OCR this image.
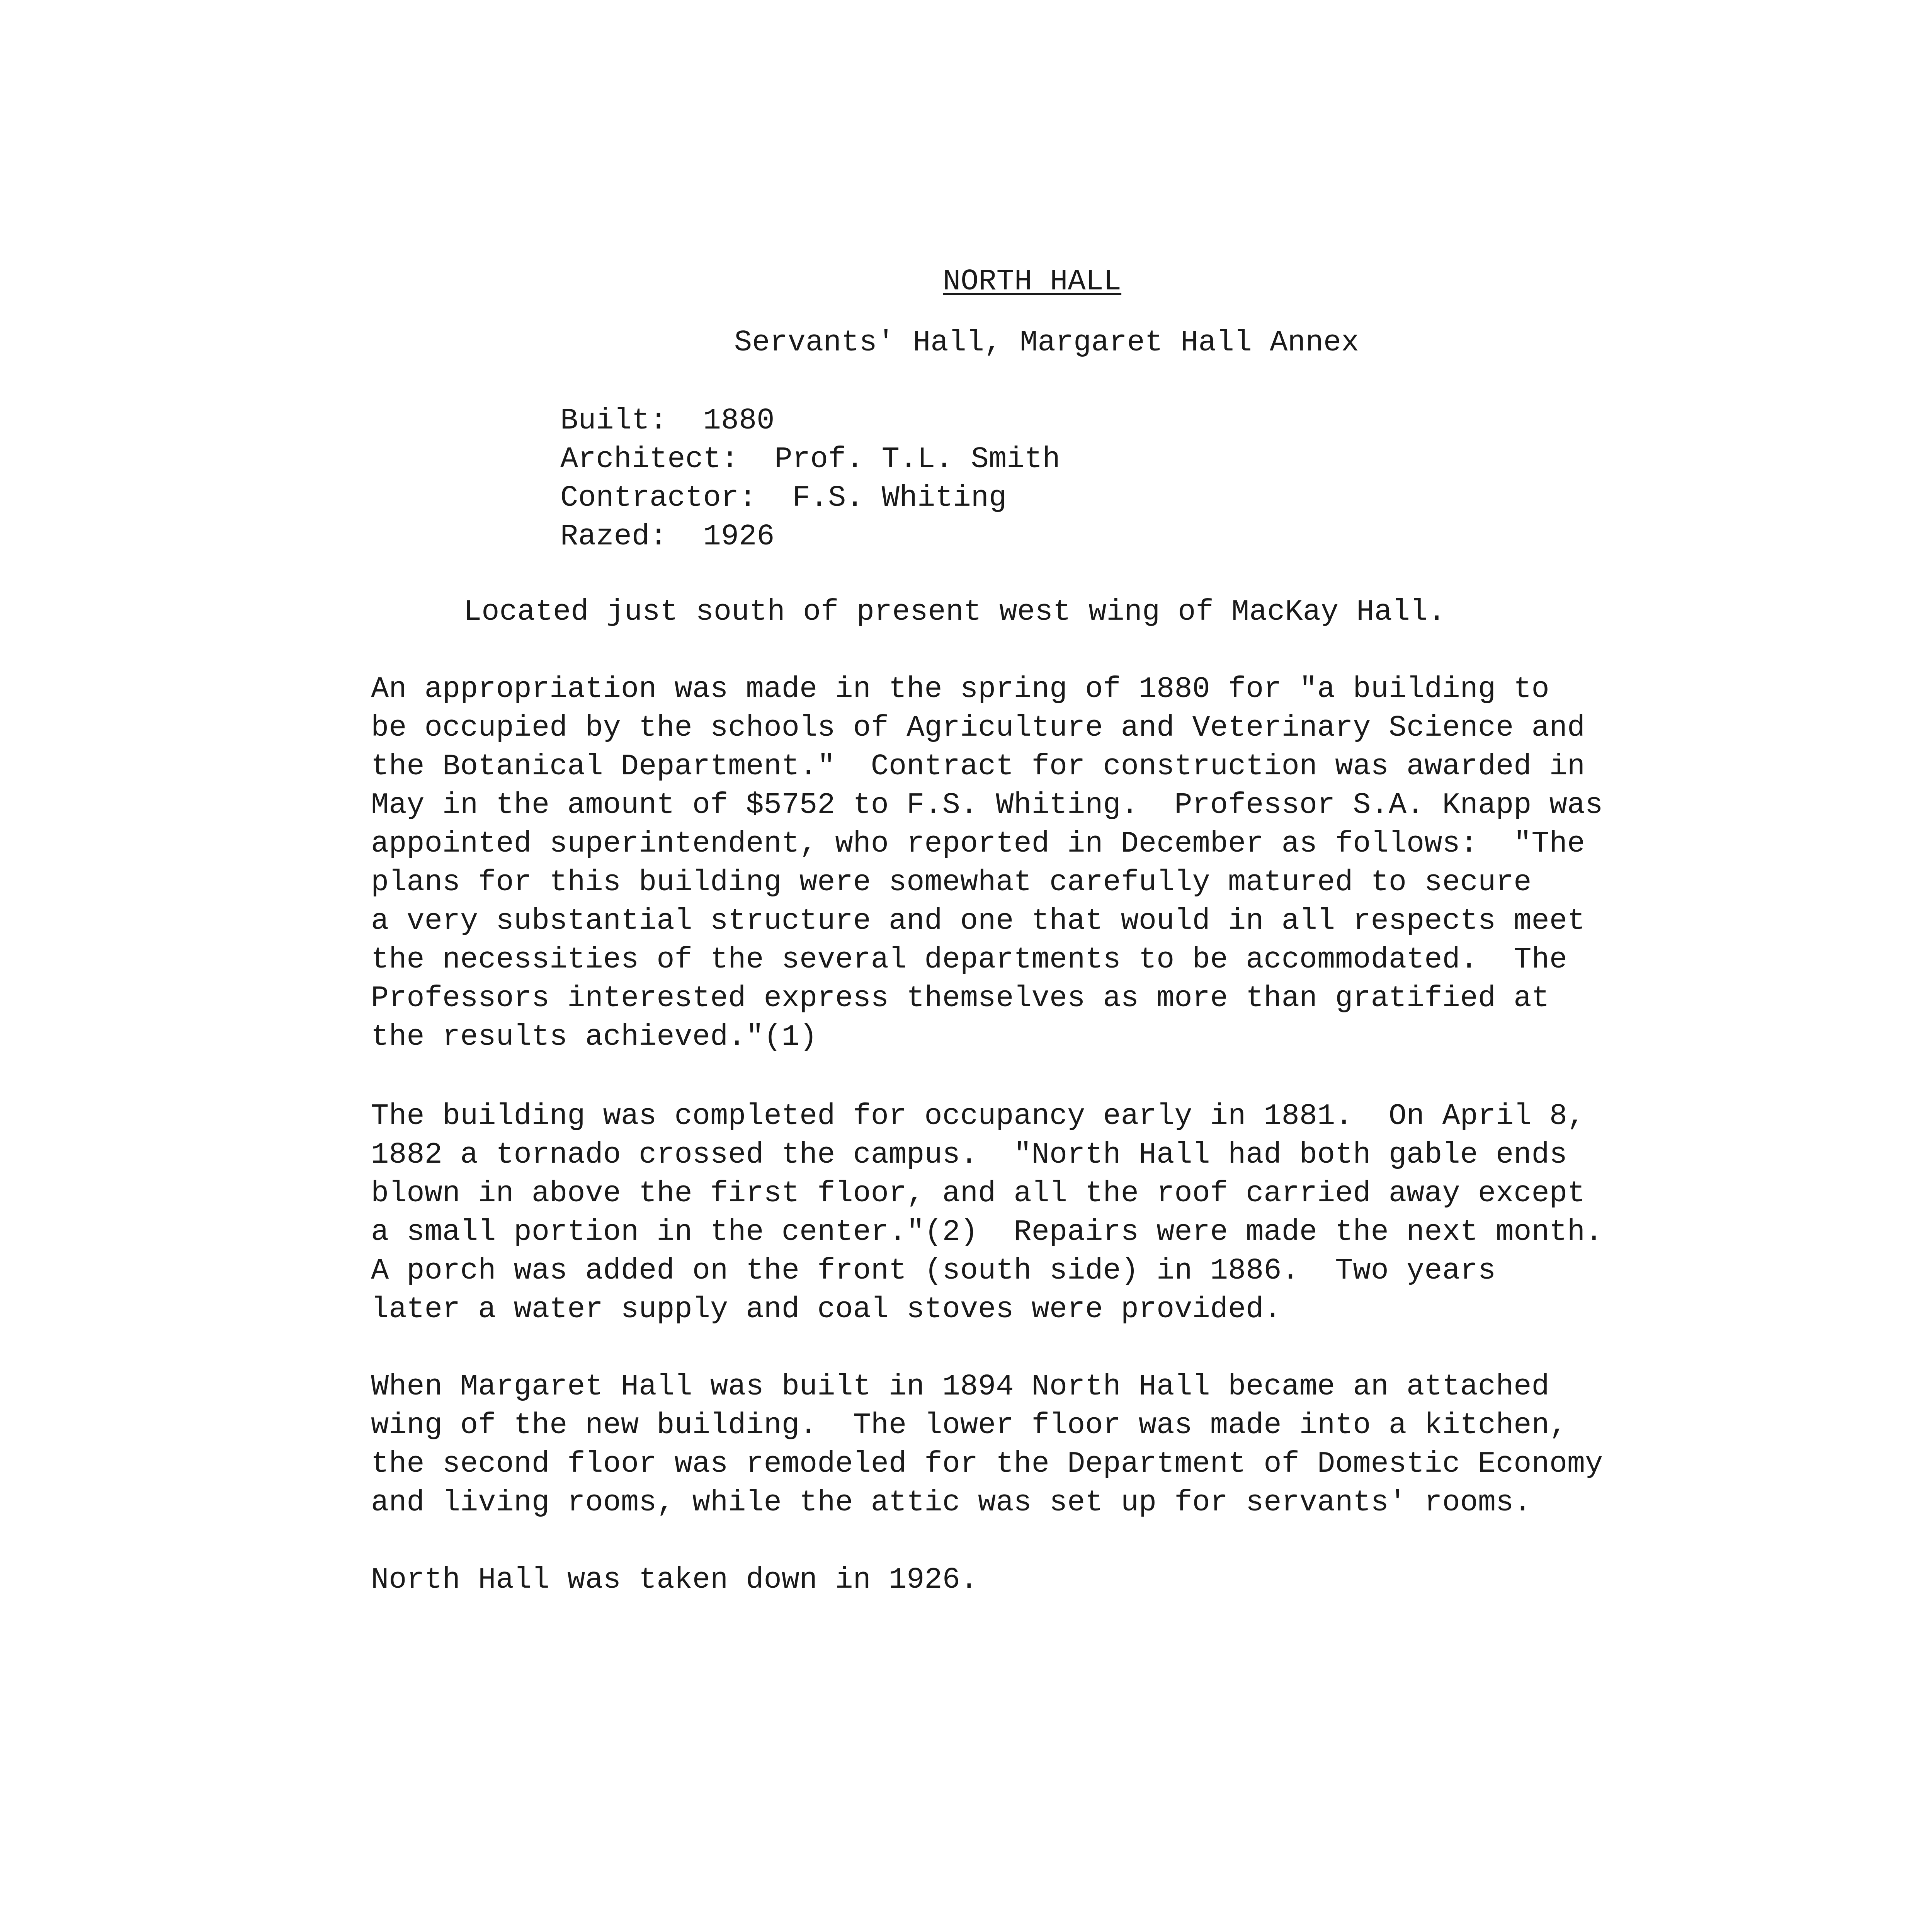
NORTH HALL
Servants' Hall, Margaret Hall Annex
Built:  1880
Architect:  Prof. T.L. Smith
Contractor:  F.S. Whiting
Razed:  1926
Located just south of present west wing of MacKay Hall.
An appropriation was made in the spring of 1880 for "a building to
be occupied by the schools of Agriculture and Veterinary Science and
the Botanical Department."  Contract for construction was awarded in
May in the amount of $5752 to F.S. Whiting.  Professor S.A. Knapp was
appointed superintendent, who reported in December as follows:  "The
plans for this building were somewhat carefully matured to secure
a very substantial structure and one that would in all respects meet
the necessities of the several departments to be accommodated.  The
Professors interested express themselves as more than gratified at
the results achieved."(1)
The building was completed for occupancy early in 1881.  On April 8,
1882 a tornado crossed the campus.  "North Hall had both gable ends
blown in above the first floor, and all the roof carried away except
a small portion in the center."(2)  Repairs were made the next month.
A porch was added on the front (south side) in 1886.  Two years
later a water supply and coal stoves were provided.
When Margaret Hall was built in 1894 North Hall became an attached
wing of the new building.  The lower floor was made into a kitchen,
the second floor was remodeled for the Department of Domestic Economy
and living rooms, while the attic was set up for servants' rooms.
North Hall was taken down in 1926.
